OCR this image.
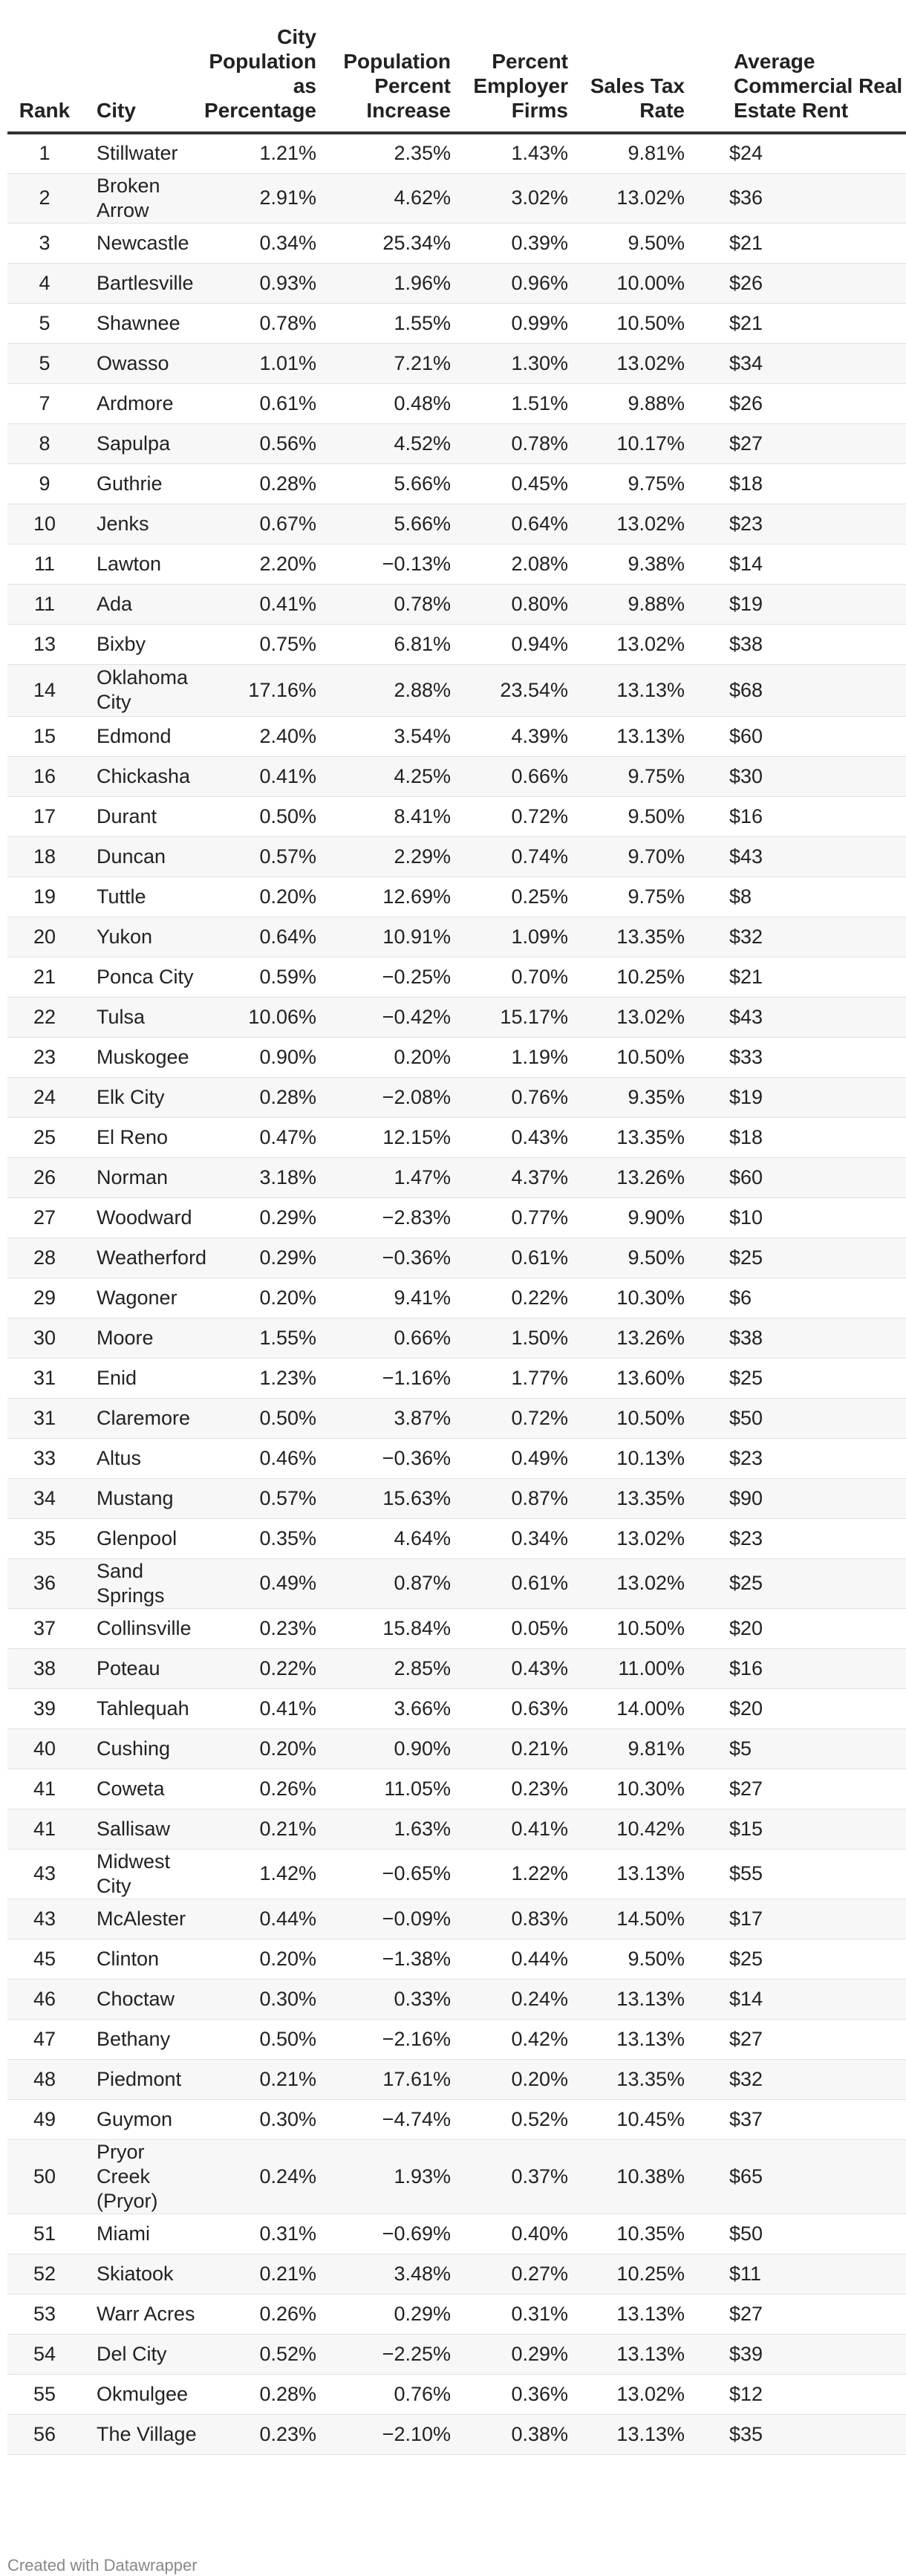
Rank	City	City Population as Percentage	Population Percent Increase	Percent Employer Firms	Sales Tax Rate	Average Commercial Real Estate Rent
1	Stillwater	1.21%	2.35%	1.43%	9.81%	$24
2	Broken Arrow	2.91%	4.62%	3.02%	13.02%	$36
3	Newcastle	0.34%	25.34%	0.39%	9.50%	$21
4	Bartlesville	0.93%	1.96%	0.96%	10.00%	$26
5	Shawnee	0.78%	1.55%	0.99%	10.50%	$21
5	Owasso	1.01%	7.21%	1.30%	13.02%	$34
7	Ardmore	0.61%	0.48%	1.51%	9.88%	$26
8	Sapulpa	0.56%	4.52%	0.78%	10.17%	$27
9	Guthrie	0.28%	5.66%	0.45%	9.75%	$18
10	Jenks	0.67%	5.66%	0.64%	13.02%	$23
11	Lawton	2.20%	−0.13%	2.08%	9.38%	$14
11	Ada	0.41%	0.78%	0.80%	9.88%	$19
13	Bixby	0.75%	6.81%	0.94%	13.02%	$38
14	Oklahoma City	17.16%	2.88%	23.54%	13.13%	$68
15	Edmond	2.40%	3.54%	4.39%	13.13%	$60
16	Chickasha	0.41%	4.25%	0.66%	9.75%	$30
17	Durant	0.50%	8.41%	0.72%	9.50%	$16
18	Duncan	0.57%	2.29%	0.74%	9.70%	$43
19	Tuttle	0.20%	12.69%	0.25%	9.75%	$8
20	Yukon	0.64%	10.91%	1.09%	13.35%	$32
21	Ponca City	0.59%	−0.25%	0.70%	10.25%	$21
22	Tulsa	10.06%	−0.42%	15.17%	13.02%	$43
23	Muskogee	0.90%	0.20%	1.19%	10.50%	$33
24	Elk City	0.28%	−2.08%	0.76%	9.35%	$19
25	El Reno	0.47%	12.15%	0.43%	13.35%	$18
26	Norman	3.18%	1.47%	4.37%	13.26%	$60
27	Woodward	0.29%	−2.83%	0.77%	9.90%	$10
28	Weatherford	0.29%	−0.36%	0.61%	9.50%	$25
29	Wagoner	0.20%	9.41%	0.22%	10.30%	$6
30	Moore	1.55%	0.66%	1.50%	13.26%	$38
31	Enid	1.23%	−1.16%	1.77%	13.60%	$25
31	Claremore	0.50%	3.87%	0.72%	10.50%	$50
33	Altus	0.46%	−0.36%	0.49%	10.13%	$23
34	Mustang	0.57%	15.63%	0.87%	13.35%	$90
35	Glenpool	0.35%	4.64%	0.34%	13.02%	$23
36	Sand Springs	0.49%	0.87%	0.61%	13.02%	$25
37	Collinsville	0.23%	15.84%	0.05%	10.50%	$20
38	Poteau	0.22%	2.85%	0.43%	11.00%	$16
39	Tahlequah	0.41%	3.66%	0.63%	14.00%	$20
40	Cushing	0.20%	0.90%	0.21%	9.81%	$5
41	Coweta	0.26%	11.05%	0.23%	10.30%	$27
41	Sallisaw	0.21%	1.63%	0.41%	10.42%	$15
43	Midwest City	1.42%	−0.65%	1.22%	13.13%	$55
43	McAlester	0.44%	−0.09%	0.83%	14.50%	$17
45	Clinton	0.20%	−1.38%	0.44%	9.50%	$25
46	Choctaw	0.30%	0.33%	0.24%	13.13%	$14
47	Bethany	0.50%	−2.16%	0.42%	13.13%	$27
48	Piedmont	0.21%	17.61%	0.20%	13.35%	$32
49	Guymon	0.30%	−4.74%	0.52%	10.45%	$37
50	Pryor Creek (Pryor)	0.24%	1.93%	0.37%	10.38%	$65
51	Miami	0.31%	−0.69%	0.40%	10.35%	$50
52	Skiatook	0.21%	3.48%	0.27%	10.25%	$11
53	Warr Acres	0.26%	0.29%	0.31%	13.13%	$27
54	Del City	0.52%	−2.25%	0.29%	13.13%	$39
55	Okmulgee	0.28%	0.76%	0.36%	13.02%	$12
56	The Village	0.23%	−2.10%	0.38%	13.13%	$35
Created with Datawrapper
